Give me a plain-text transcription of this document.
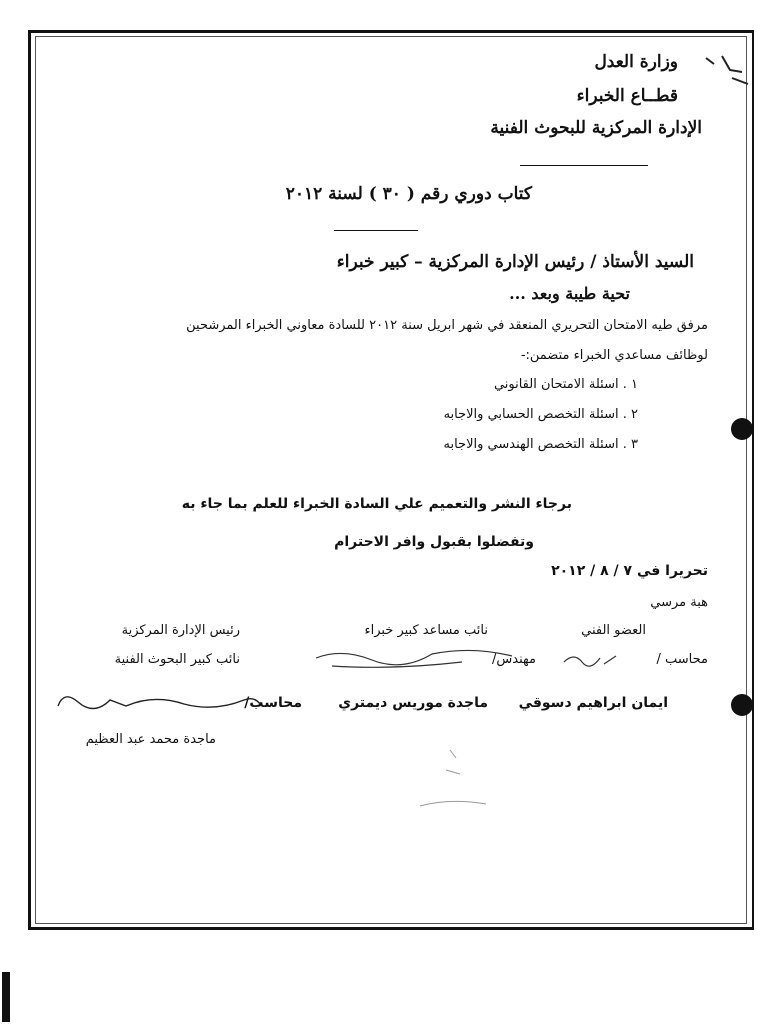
وزارة العدل
قطــاع الخبراء
الإدارة المركزية للبحوث الفنية
كتاب دوري رقم ( ٣٠ ) لسنة ٢٠١٢
السيد الأستاذ / رئيس الإدارة المركزية – كبير خبراء
تحية طيبة وبعد ...
مرفق طيه الامتحان التحريري المنعقد في شهر ابريل سنة ٢٠١٢ للسادة معاوني الخبراء المرشحين
لوظائف مساعدي الخبراء متضمن:-
١ . اسئلة الامتحان القانوني
٢ . اسئلة التخصص الحسابي والاجابه
٣ . اسئلة التخصص الهندسي والاجابه
برجاء النشر والتعميم علي السادة الخبراء للعلم بما جاء به
وتفضلوا بقبول وافر الاحترام
تحريرا في ٧ / ٨ / ٢٠١٢
هبة مرسي
العضو الفني
نائب مساعد كبير خبراء
رئيس الإدارة المركزية
محاسب /
مهندس/
نائب كبير البحوث الفنية
ايمان ابراهيم دسوقي
ماجدة موريس ديمتري
محاسب/
ماجدة محمد عبد العظيم
